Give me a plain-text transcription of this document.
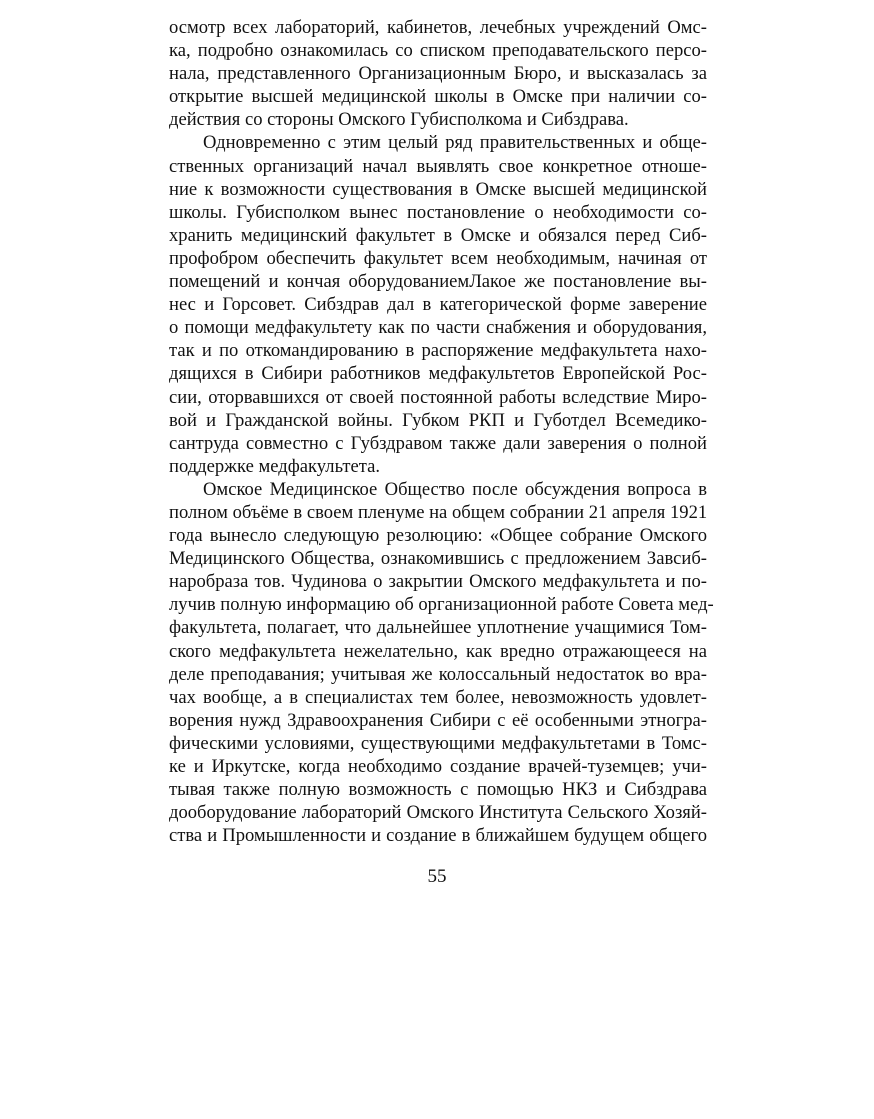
осмотр всех лабораторий, кабинетов, лечебных учреждений Омс-
ка, подробно ознакомилась со списком преподавательского персо-
нала, представленного Организационным Бюро, и высказалась за
открытие высшей медицинской школы в Омске при наличии со-
действия со стороны Омского Губисполкома и Сибздрава.
Одновременно с этим целый ряд правительственных и обще-
ственных организаций начал выявлять свое конкретное отноше-
ние к возможности существования в Омске высшей медицинской
школы. Губисполком вынес постановление о необходимости со-
хранить медицинский факультет в Омске и обязался перед Сиб-
профобром обеспечить факультет всем необходимым, начиная от
помещений и кончая оборудованиемЛакое же постановление вы-
нес и Горсовет. Сибздрав дал в категорической форме заверение
о помощи медфакультету как по части снабжения и оборудования,
так и по откомандированию в распоряжение медфакультета нахо-
дящихся в Сибири работников медфакультетов Европейской Рос-
сии, оторвавшихся от своей постоянной работы вследствие Миро-
вой и Гражданской войны. Губком РКП и Губотдел Всемедико-
сантруда совместно с Губздравом также дали заверения о полной
поддержке медфакультета.
Омское Медицинское Общество после обсуждения вопроса в
полном объёме в своем пленуме на общем собрании 21 апреля 1921
года вынесло следующую резолюцию: «Общее собрание Омского
Медицинского Общества, ознакомившись с предложением Завсиб-
наробраза тов. Чудинова о закрытии Омского медфакультета и по-
лучив полную информацию об организационной работе Совета мед-
факультета, полагает, что дальнейшее уплотнение учащимися Том-
ского медфакультета нежелательно, как вредно отражающееся на
деле преподавания; учитывая же колоссальный недостаток во вра-
чах вообще, а в специалистах тем более, невозможность удовлет-
ворения нужд Здравоохранения Сибири с её особенными этногра-
фическими условиями, существующими медфакультетами в Томс-
ке и Иркутске, когда необходимо создание врачей-туземцев; учи-
тывая также полную возможность с помощью НКЗ и Сибздрава
дооборудование лабораторий Омского Института Сельского Хозяй-
ства и Промышленности и создание в ближайшем будущем общего
55
